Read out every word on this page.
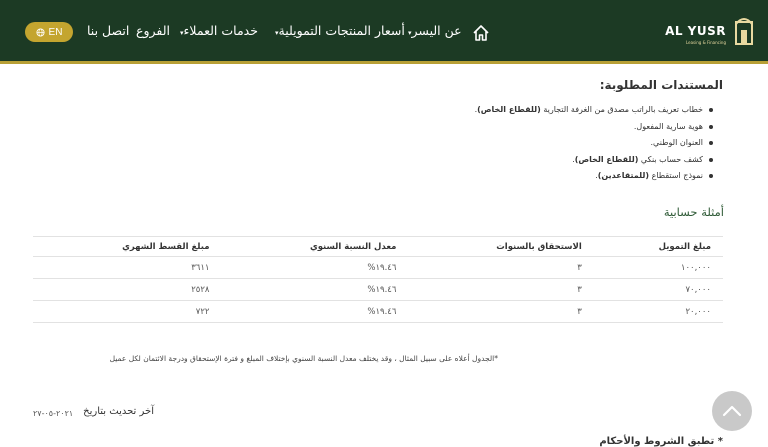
AL YUSR
Leasing & Financing
عن اليسر▾
أسعار المنتجات التمويلية▾
خدمات العملاء▾
الفروع
اتصل بنا
EN
المستندات المطلوبة:
خطاب تعريف بالراتب مصدق من الغرفة التجارية (للقطاع الخاص).
هوية سارية المفعول.
العنوان الوطني.
كشف حساب بنكي (للقطاع الخاص).
نموذج استقطاع (للمتقاعدين).
أمثلة حسابية
مبلغ التمويل	الاستحقاق بالسنوات	معدل النسبة السنوي	مبلغ القسط الشهري
١٠٠,٠٠٠	٣	١٩.٤٦%	٣٦١١
٧٠,٠٠٠	٣	١٩.٤٦%	٢٥٢٨
٢٠,٠٠٠	٣	١٩.٤٦%	٧٢٢
*الجدول أعلاه على سبيل المثال ، وقد يختلف معدل النسبة السنوي بإختلاف المبلغ و فترة الإستحقاق ودرجة الائتمان لكل عميل
آخر تحديث بتاريخ
٢٠٢١-٠٥-٢٧
* تطبق الشروط والأحكام
